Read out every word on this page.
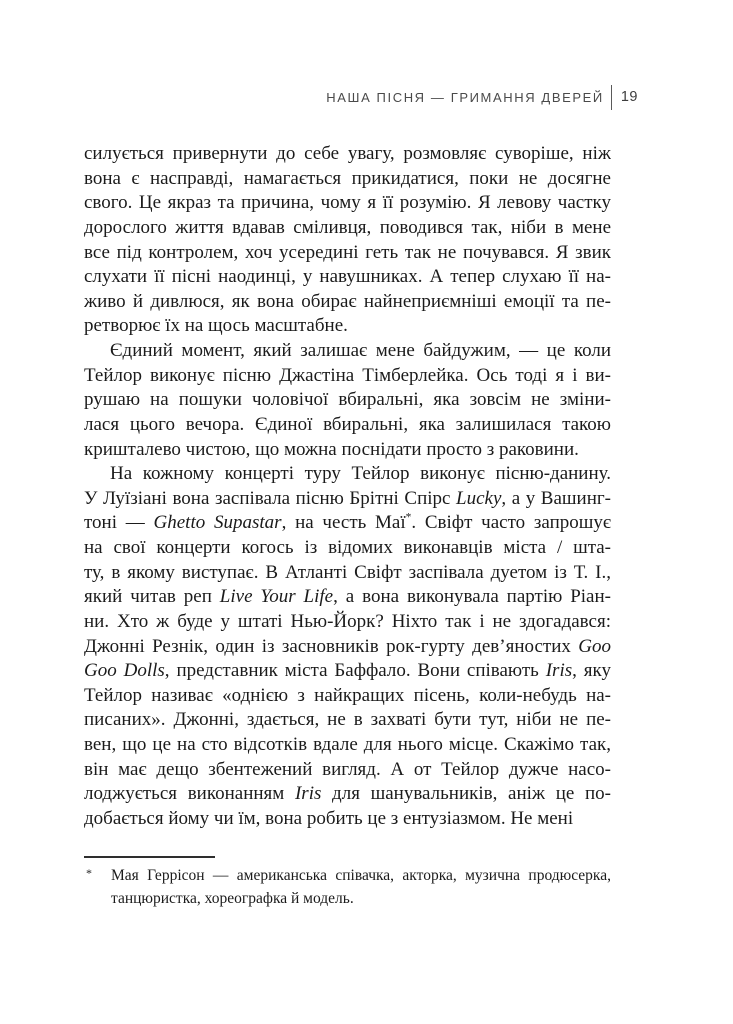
НАША ПІСНЯ — ГРИМАННЯ ДВЕРЕЙ 19
силується привернути до себе увагу, розмовляє суворіше, ніж
вона є насправді, намагається прикидатися, поки не досягне
свого. Це якраз та причина, чому я її розумію. Я левову частку
дорослого життя вдавав сміливця, поводився так, ніби в мене
все під контролем, хоч усередині геть так не почувався. Я звик
слухати її пісні наодинці, у навушниках. А тепер слухаю її на-
живо й дивлюся, як вона обирає найнеприємніші емоції та пе-
ретворює їх на щось масштабне.
Єдиний момент, який залишає мене байдужим, — це коли
Тейлор виконує пісню Джастіна Тімберлейка. Ось тоді я і ви-
рушаю на пошуки чоловічої вбиральні, яка зовсім не зміни-
лася цього вечора. Єдиної вбиральні, яка залишилася такою
кришталево чистою, що можна поснідати просто з раковини.
На кожному концерті туру Тейлор виконує пісню-данину.
У Луїзіані вона заспівала пісню Брітні Спірс Lucky, а у Вашинг-
тоні — Ghetto Supastar, на честь Маї*. Свіфт часто запрошує
на свої концерти когось із відомих виконавців міста / шта-
ту, в якому виступає. В Атланті Свіфт заспівала дуетом із Т. І.,
який читав реп Live Your Life, а вона виконувала партію Ріан-
ни. Хто ж буде у штаті Нью-Йорк? Ніхто так і не здогадався:
Джонні Резнік, один із засновників рок-гурту дев’яностих Goo
Goo Dolls, представник міста Баффало. Вони співають Iris, яку
Тейлор називає «однією з найкращих пісень, коли-небудь на-
писаних». Джонні, здається, не в захваті бути тут, ніби не пе-
вен, що це на сто відсотків вдале для нього місце. Скажімо так,
він має дещо збентежений вигляд. А от Тейлор дужче насо-
лоджується виконанням Iris для шанувальників, аніж це по-
добається йому чи їм, вона робить це з ентузіазмом. Не мені
* Мая Геррісон — американська співачка, акторка, музична продюсерка,
танцюристка, хореографка й модель.
